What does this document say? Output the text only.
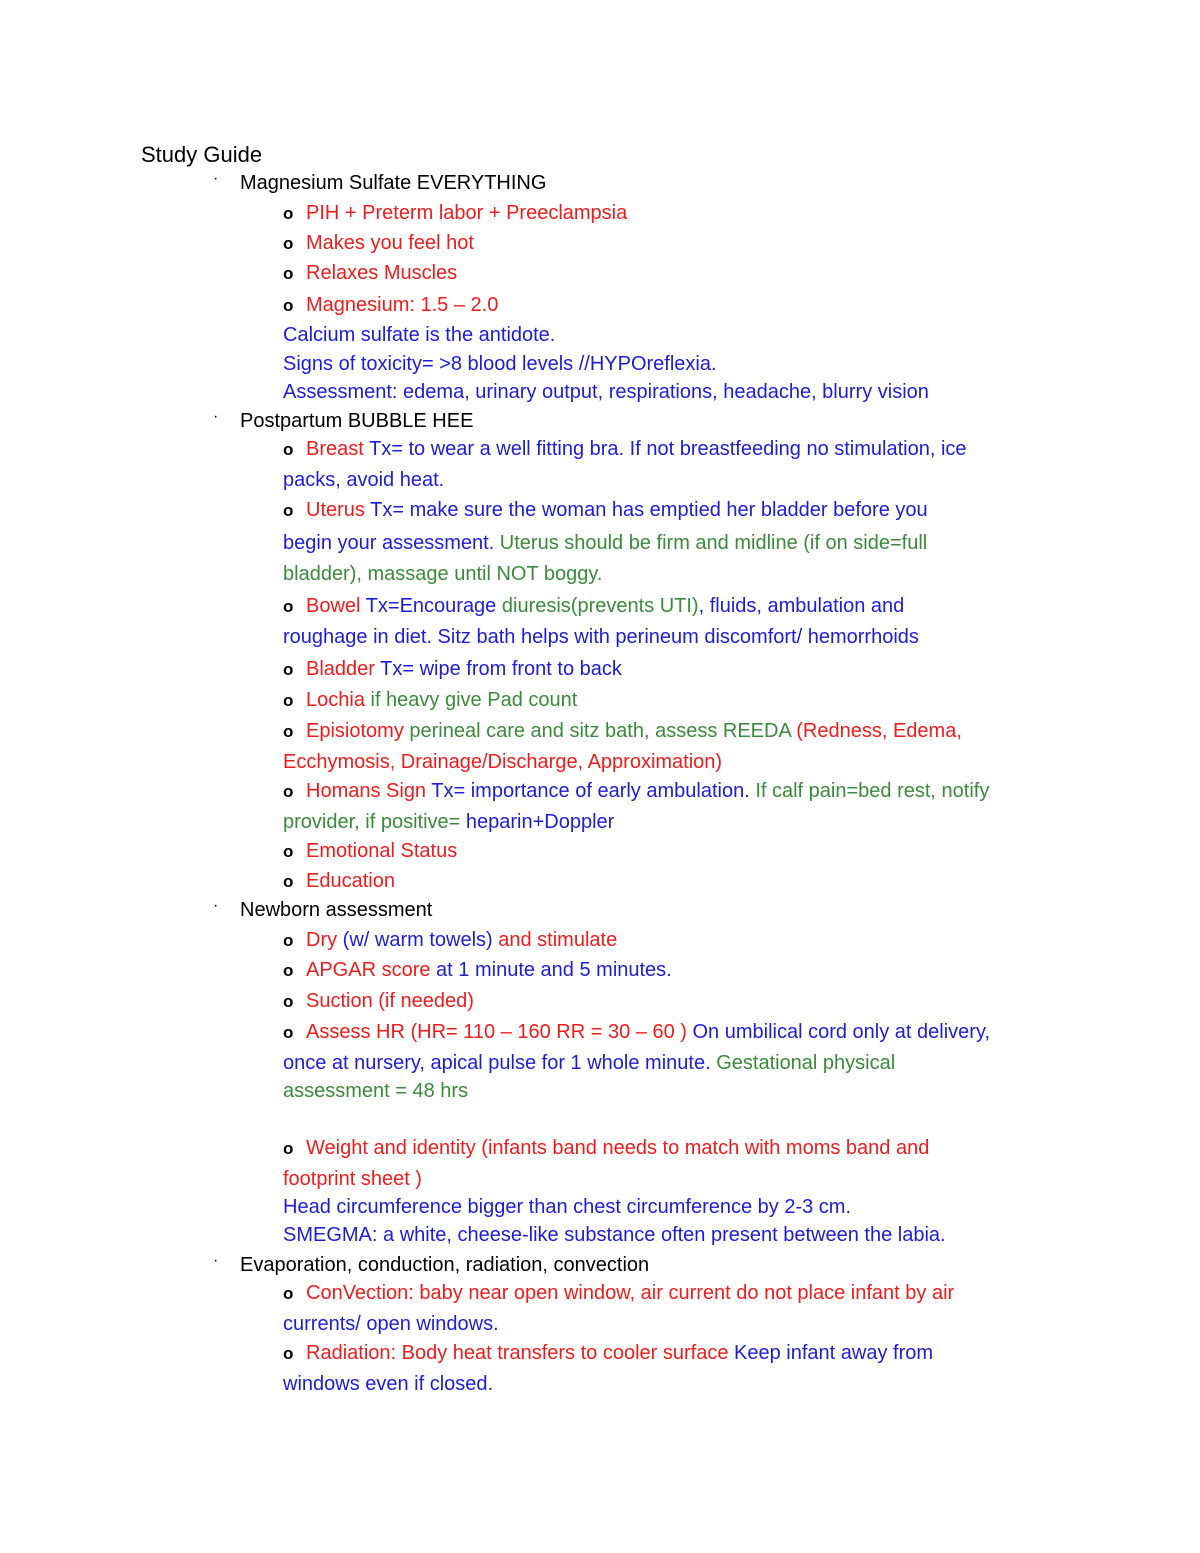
Study Guide
· Magnesium Sulfate EVERYTHING
o PIH + Preterm labor + Preeclampsia
o Makes you feel hot
o Relaxes Muscles
o Magnesium: 1.5 – 2.0
Calcium sulfate is the antidote.
Signs of toxicity= >8 blood levels //HYPOreflexia.
Assessment: edema, urinary output, respirations, headache, blurry vision
· Postpartum BUBBLE HEE
o Breast Tx= to wear a well fitting bra. If not breastfeeding no stimulation, ice
packs, avoid heat.
o Uterus Tx= make sure the woman has emptied her bladder before you
begin your assessment. Uterus should be firm and midline (if on side=full
bladder), massage until NOT boggy.
o Bowel Tx=Encourage diuresis(prevents UTI), fluids, ambulation and
roughage in diet. Sitz bath helps with perineum discomfort/ hemorrhoids
o Bladder Tx= wipe from front to back
o Lochia if heavy give Pad count
o Episiotomy perineal care and sitz bath, assess REEDA (Redness, Edema,
Ecchymosis, Drainage/Discharge, Approximation)
o Homans Sign Tx= importance of early ambulation. If calf pain=bed rest, notify
provider, if positive= heparin+Doppler
o Emotional Status
o Education
· Newborn assessment
o Dry (w/ warm towels) and stimulate
o APGAR score at 1 minute and 5 minutes.
o Suction (if needed)
o Assess HR (HR= 110 – 160 RR = 30 – 60 ) On umbilical cord only at delivery,
once at nursery, apical pulse for 1 whole minute. Gestational physical
assessment = 48 hrs
o Weight and identity (infants band needs to match with moms band and
footprint sheet )
Head circumference bigger than chest circumference by 2-3 cm.
SMEGMA: a white, cheese-like substance often present between the labia.
· Evaporation, conduction, radiation, convection
o ConVection: baby near open window, air current do not place infant by air
currents/ open windows.
o Radiation: Body heat transfers to cooler surface Keep infant away from
windows even if closed.
